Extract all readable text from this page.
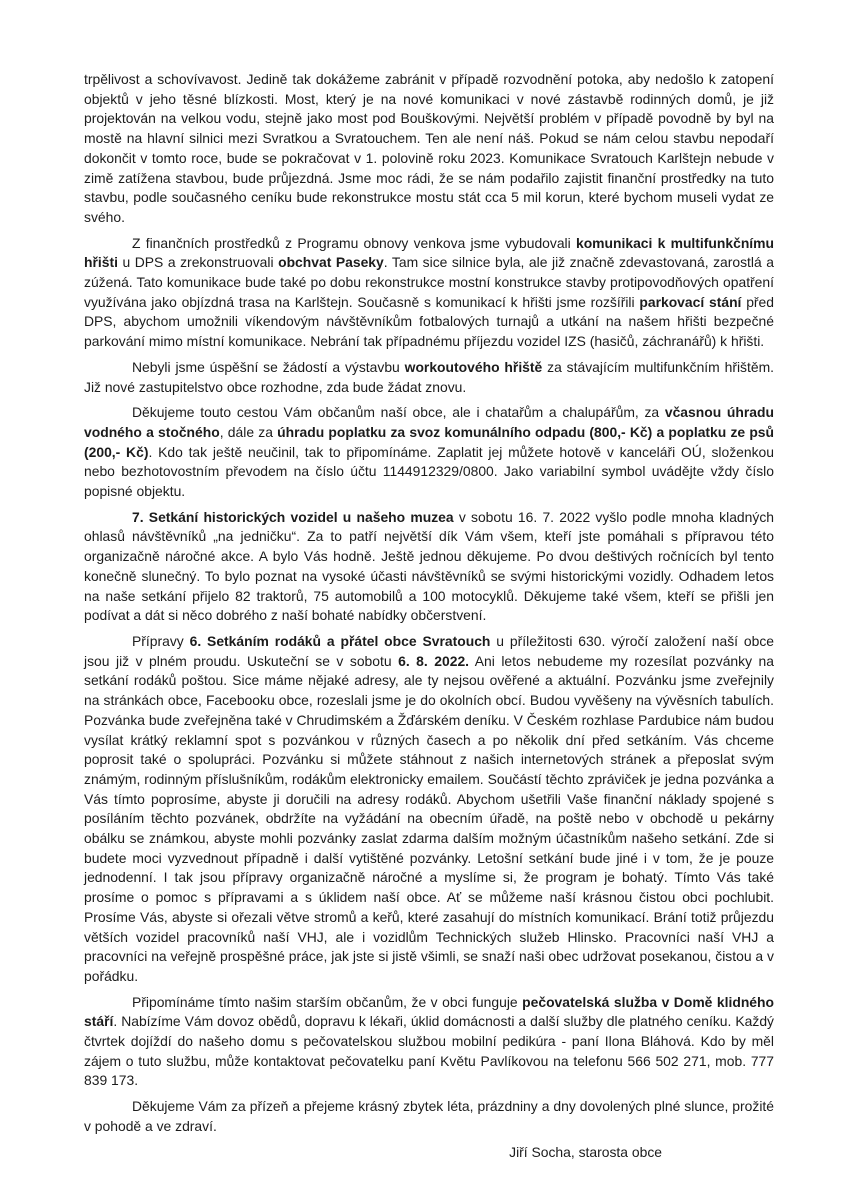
trpělivost a schovívavost. Jedině tak dokážeme zabránit v případě rozvodnění potoka, aby nedošlo k zatopení objektů v jeho těsné blízkosti. Most, který je na nové komunikaci v nové zástavbě rodinných domů, je již projektován na velkou vodu, stejně jako most pod Bouškovými. Největší problém v případě povodně by byl na mostě na hlavní silnici mezi Svratkou a Svratouchem. Ten ale není náš. Pokud se nám celou stavbu nepodaří dokončit v tomto roce, bude se pokračovat v 1. polovině roku 2023. Komunikace Svratouch Karlštejn nebude v zimě zatížena stavbou, bude průjezdná. Jsme moc rádi, že se nám podařilo zajistit finanční prostředky na tuto stavbu, podle současného ceníku bude rekonstrukce mostu stát cca 5 mil korun, které bychom museli vydat ze svého.

Z finančních prostředků z Programu obnovy venkova jsme vybudovali komunikaci k multifunkčnímu hřišti u DPS a zrekonstruovali obchvat Paseky. Tam sice silnice byla, ale již značně zdevastovaná, zarostlá a zúžená. Tato komunikace bude také po dobu rekonstrukce mostní konstrukce stavby protipovodňových opatření využívána jako objízdná trasa na Karlštejn. Současně s komunikací k hřišti jsme rozšířili parkovací stání před DPS, abychom umožnili víkendovým návštěvníkům fotbalových turnajů a utkání na našem hřišti bezpečné parkování mimo místní komunikace. Nebrání tak případnému příjezdu vozidel IZS (hasičů, záchranářů) k hřišti.

Nebyli jsme úspěšní se žádostí a výstavbu workoutového hřiště za stávajícím multifunkčním hřištěm. Již nové zastupitelstvo obce rozhodne, zda bude žádat znovu.

Děkujeme touto cestou Vám občanům naší obce, ale i chatařům a chalupářům, za včasnou úhradu vodného a stočného, dále za úhradu poplatku za svoz komunálního odpadu (800,- Kč) a poplatku ze psů (200,- Kč). Kdo tak ještě neučinil, tak to připomínáme. Zaplatit jej můžete hotově v kanceláři OÚ, složenkou nebo bezhotovostním převodem na číslo účtu 1144912329/0800. Jako variabilní symbol uvádějte vždy číslo popisné objektu.

7. Setkání historických vozidel u našeho muzea v sobotu 16. 7. 2022 vyšlo podle mnoha kladných ohlasů návštěvníků „na jedničku“. Za to patří největší dík Vám všem, kteří jste pomáhali s přípravou této organizačně náročné akce. A bylo Vás hodně. Ještě jednou děkujeme. Po dvou deštivých ročnících byl tento konečně slunečný. To bylo poznat na vysoké účasti návštěvníků se svými historickými vozidly. Odhadem letos na naše setkání přijelo 82 traktorů, 75 automobilů a 100 motocyklů. Děkujeme také všem, kteří se přišli jen podívat a dát si něco dobrého z naší bohaté nabídky občerstvení.

Přípravy 6. Setkáním rodáků a přátel obce Svratouch u příležitosti 630. výročí založení naší obce jsou již v plném proudu. Uskuteční se v sobotu 6. 8. 2022. Ani letos nebudeme my rozesílat pozvánky na setkání rodáků poštou. Sice máme nějaké adresy, ale ty nejsou ověřené a aktuální. Pozvánku jsme zveřejnily na stránkách obce, Facebooku obce, rozeslali jsme je do okolních obcí. Budou vyvěšeny na vývěsních tabulích. Pozvánka bude zveřejněna také v Chrudimském a Žďárském deníku. V Českém rozhlase Pardubice nám budou vysílat krátký reklamní spot s pozvánkou v různých časech a po několik dní před setkáním. Vás chceme poprosit také o spolupráci. Pozvánku si můžete stáhnout z našich internetových stránek a přeposlat svým známým, rodinným příslušníkům, rodákům elektronicky emailem. Součástí těchto zpráviček je jedna pozvánka a Vás tímto poprosíme, abyste ji doručili na adresy rodáků. Abychom ušetřili Vaše finanční náklady spojené s posíláním těchto pozvánek, obdržíte na vyžádání na obecním úřadě, na poště nebo v obchodě u pekárny obálku se známkou, abyste mohli pozvánky zaslat zdarma dalším možným účastníkům našeho setkání. Zde si budete moci vyzvednout případně i další vytištěné pozvánky. Letošní setkání bude jiné i v tom, že je pouze jednodenní. I tak jsou přípravy organizačně náročné a myslíme si, že program je bohatý. Tímto Vás také prosíme o pomoc s přípravami a s úklidem naší obce. Ať se můžeme naší krásnou čistou obci pochlubit. Prosíme Vás, abyste si ořezali větve stromů a keřů, které zasahují do místních komunikací. Brání totiž průjezdu větších vozidel pracovníků naší VHJ, ale i vozidlům Technických služeb Hlinsko. Pracovníci naší VHJ a pracovníci na veřejně prospěšné práce, jak jste si jistě všimli, se snaží naši obec udržovat posekanou, čistou a v pořádku.

Připomínáme tímto našim starším občanům, že v obci funguje pečovatelská služba v Domě klidného stáří. Nabízíme Vám dovoz obědů, dopravu k lékaři, úklid domácnosti a další služby dle platného ceníku. Každý čtvrtek dojíždí do našeho domu s pečovatelskou službou mobilní pedikúra - paní Ilona Bláhová. Kdo by měl zájem o tuto službu, může kontaktovat pečovatelku paní Květu Pavlíkovou na telefonu 566 502 271, mob. 777 839 173.

Děkujeme Vám za přízeň a přejeme krásný zbytek léta, prázdniny a dny dovolených plné slunce, prožité v pohodě a ve zdraví.

Jiří Socha, starosta obce
